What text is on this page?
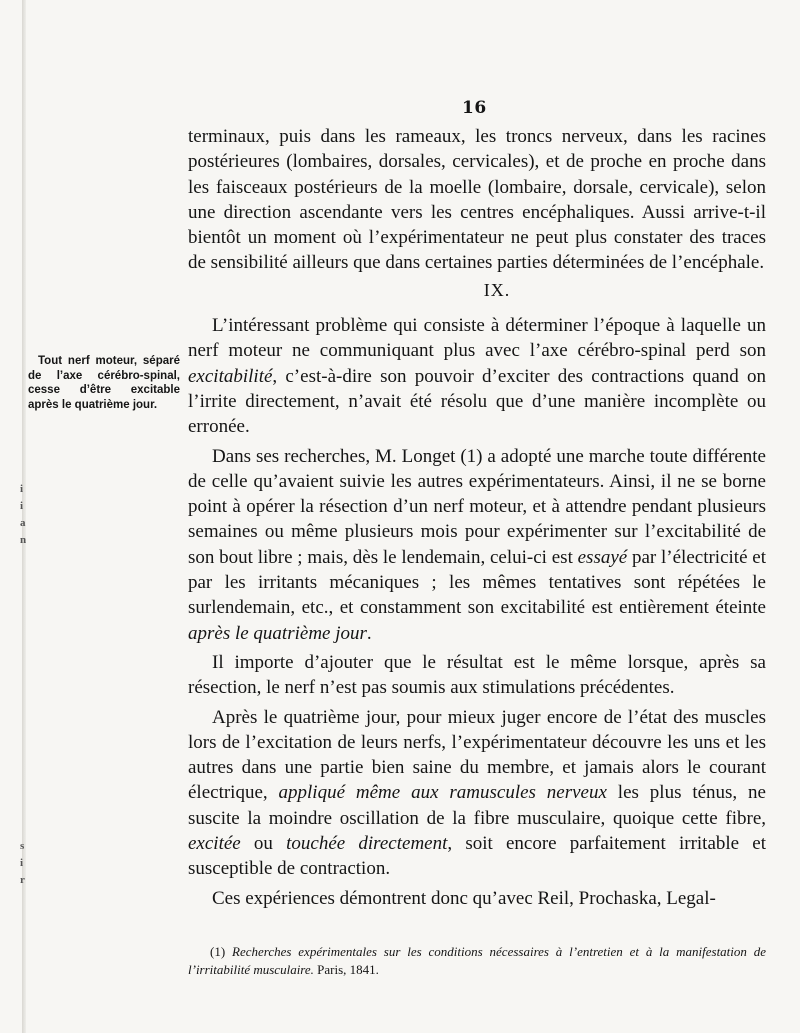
16
Tout nerf moteur, séparé de l’axe cérébro-spinal, cesse d’être excitable après le quatrième jour.
i
i
a
n
s
i
r

terminaux, puis dans les rameaux, les troncs nerveux, dans les racines postérieures (lombaires, dorsales, cervicales), et de proche en proche dans les faisceaux postérieurs de la moelle (lombaire, dorsale, cervicale), selon une direction ascendante vers les centres encéphaliques. Aussi arrive-t-il bientôt un moment où l’expérimentateur ne peut plus constater des traces de sensibilité ailleurs que dans certaines parties déterminées de l’encéphale.

IX.

L’intéressant problème qui consiste à déterminer l’époque à laquelle un nerf moteur ne communiquant plus avec l’axe cérébro-spinal perd son excitabilité, c’est-à-dire son pouvoir d’exciter des contractions quand on l’irrite directement, n’avait été résolu que d’une manière incomplète ou erronée.

Dans ses recherches, M. Longet (1) a adopté une marche toute différente de celle qu’avaient suivie les autres expérimentateurs. Ainsi, il ne se borne point à opérer la résection d’un nerf moteur, et à attendre pendant plusieurs semaines ou même plusieurs mois pour expérimenter sur l’excitabilité de son bout libre ; mais, dès le lendemain, celui-ci est essayé par l’électricité et par les irritants mécaniques ; les mêmes tentatives sont répétées le surlendemain, etc., et constamment son excitabilité est entièrement éteinte après le quatrième jour.

Il importe d’ajouter que le résultat est le même lorsque, après sa résection, le nerf n’est pas soumis aux stimulations précédentes.

Après le quatrième jour, pour mieux juger encore de l’état des muscles lors de l’excitation de leurs nerfs, l’expérimentateur découvre les uns et les autres dans une partie bien saine du membre, et jamais alors le courant électrique, appliqué même aux ramuscules nerveux les plus ténus, ne suscite la moindre oscillation de la fibre musculaire, quoique cette fibre, excitée ou touchée directement, soit encore parfaitement irritable et susceptible de contraction.

Ces expériences démontrent donc qu’avec Reil, Prochaska, Legal-

(1) Recherches expérimentales sur les conditions nécessaires à l’entretien et à la manifestation de l’irritabilité musculaire. Paris, 1841.
